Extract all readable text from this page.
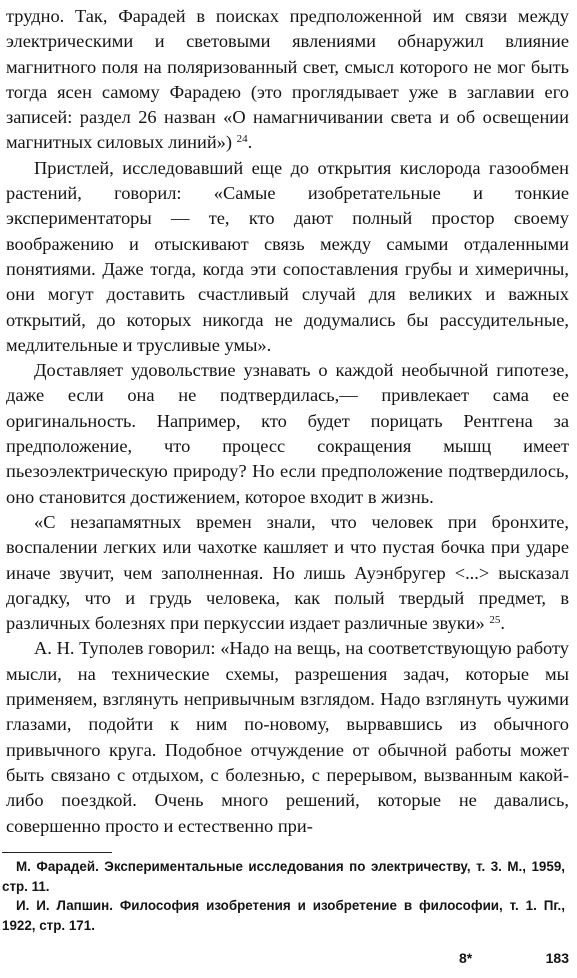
трудно. Так, Фарадей в поисках предположенной им связи между электрическими и световыми явлениями обнаружил влияние магнитного поля на поляризованный свет, смысл которого не мог быть тогда ясен самому Фарадею (это проглядывает уже в заглавии его записей: раздел 26 назван «О намагничивании света и об освещении магнитных силовых линий») $^{24}$.

Пристлей, исследовавший еще до открытия кислорода газообмен растений, говорил: «Самые изобретательные и тонкие экспериментаторы — те, кто дают полный простор своему воображению и отыскивают связь между самыми отдаленными понятиями. Даже тогда, когда эти сопоставления грубы и химеричны, они могут доставить счастливый случай для великих и важных открытий, до которых никогда не додумались бы рассудительные, медлительные и трусливые умы».

Доставляет удовольствие узнавать о каждой необычной гипотезе, даже если она не подтвердилась,— привлекает сама ее оригинальность. Например, кто будет порицать Рентгена за предположение, что процесс сокращения мышц имеет пьезоэлектрическую природу? Но если предположение подтвердилось, оно становится достижением, которое входит в жизнь.

«С незапамятных времен знали, что человек при бронхите, воспалении легких или чахотке кашляет и что пустая бочка при ударе иначе звучит, чем заполненная. Но лишь Ауэнбругер <...> высказал догадку, что и грудь человека, как полый твердый предмет, в различных болезнях при перкуссии издает различные звуки» $^{25}$.

А. Н. Туполев говорил: «Надо на вещь, на соответствующую работу мысли, на технические схемы, разрешения задач, которые мы применяем, взглянуть непривычным взглядом. Надо взглянуть чужими глазами, подойти к ним по-новому, вырвавшись из обычного привычного круга. Подобное отчуждение от обычной работы может быть связано с отдыхом, с болезнью, с перерывом, вызванным какой-либо поездкой. Очень много решений, которые не давались, совершенно просто и естественно при-

М. Фарадей. Экспериментальные исследования по электричеству, т. 3. М., 1959, стр. 11.

И. И. Лапшин. Философия изобретения и изобретение в философии, т. 1. Пг., 1922, стр. 171.

8*	183
